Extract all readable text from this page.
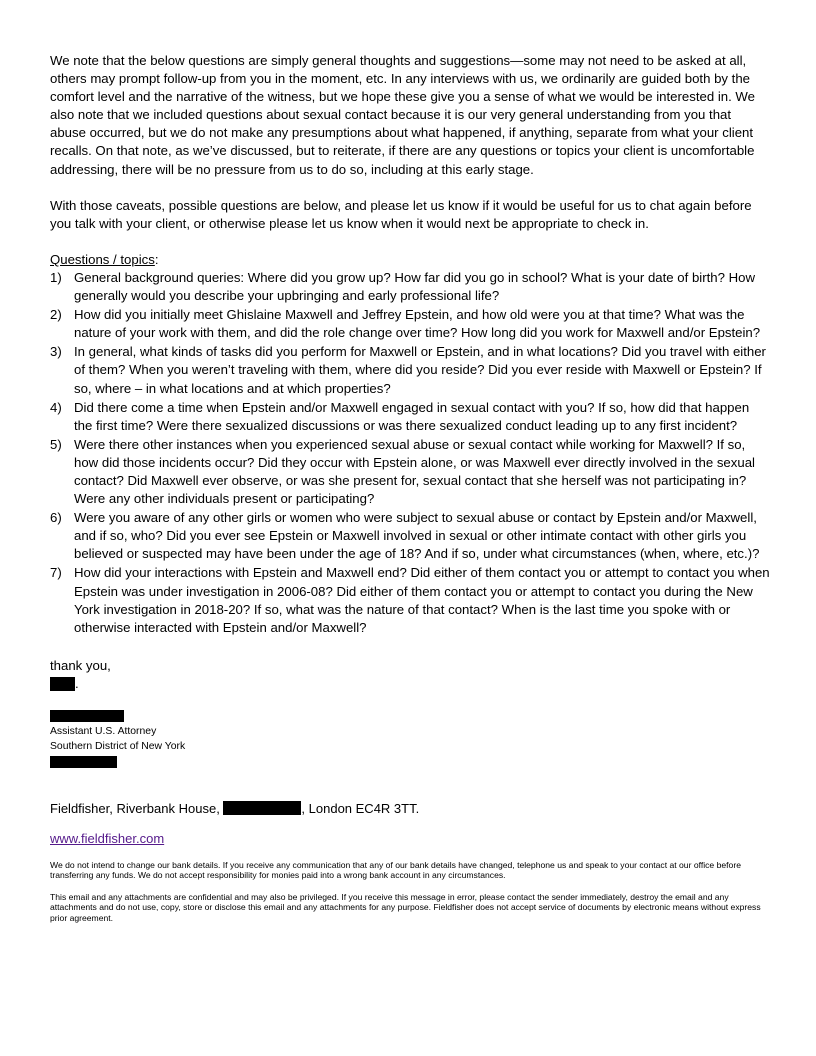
We note that the below questions are simply general thoughts and suggestions—some may not need to be asked at all, others may prompt follow-up from you in the moment, etc. In any interviews with us, we ordinarily are guided both by the comfort level and the narrative of the witness, but we hope these give you a sense of what we would be interested in. We also note that we included questions about sexual contact because it is our very general understanding from you that abuse occurred, but we do not make any presumptions about what happened, if anything, separate from what your client recalls. On that note, as we’ve discussed, but to reiterate, if there are any questions or topics your client is uncomfortable addressing, there will be no pressure from us to do so, including at this early stage.

With those caveats, possible questions are below, and please let us know if it would be useful for us to chat again before you talk with your client, or otherwise please let us know when it would next be appropriate to check in.

Questions / topics:

1) General background queries: Where did you grow up? How far did you go in school? What is your date of birth? How generally would you describe your upbringing and early professional life?
2) How did you initially meet Ghislaine Maxwell and Jeffrey Epstein, and how old were you at that time? What was the nature of your work with them, and did the role change over time? How long did you work for Maxwell and/or Epstein?
3) In general, what kinds of tasks did you perform for Maxwell or Epstein, and in what locations? Did you travel with either of them? When you weren’t traveling with them, where did you reside? Did you ever reside with Maxwell or Epstein? If so, where – in what locations and at which properties?
4) Did there come a time when Epstein and/or Maxwell engaged in sexual contact with you? If so, how did that happen the first time? Were there sexualized discussions or was there sexualized conduct leading up to any first incident?
5) Were there other instances when you experienced sexual abuse or sexual contact while working for Maxwell? If so, how did those incidents occur? Did they occur with Epstein alone, or was Maxwell ever directly involved in the sexual contact? Did Maxwell ever observe, or was she present for, sexual contact that she herself was not participating in? Were any other individuals present or participating?
6) Were you aware of any other girls or women who were subject to sexual abuse or contact by Epstein and/or Maxwell, and if so, who? Did you ever see Epstein or Maxwell involved in sexual or other intimate contact with other girls you believed or suspected may have been under the age of 18? And if so, under what circumstances (when, where, etc.)?
7) How did your interactions with Epstein and Maxwell end? Did either of them contact you or attempt to contact you when Epstein was under investigation in 2006-08? Did either of them contact you or attempt to contact you during the New York investigation in 2018-20? If so, what was the nature of that contact? When is the last time you spoke with or otherwise interacted with Epstein and/or Maxwell?

thank you,

.

Assistant U.S. Attorney

Southern District of New York

Fieldfisher, Riverbank House,	, London EC4R 3TT.

www.fieldfisher.com

We do not intend to change our bank details. If you receive any communication that any of our bank details have changed, telephone us and speak to your contact at our office before transferring any funds. We do not accept responsibility for monies paid into a wrong bank account in any circumstances.

This email and any attachments are confidential and may also be privileged. If you receive this message in error, please contact the sender immediately, destroy the email and any attachments and do not use, copy, store or disclose this email and any attachments for any purpose. Fieldfisher does not accept service of documents by electronic means without express prior agreement.
